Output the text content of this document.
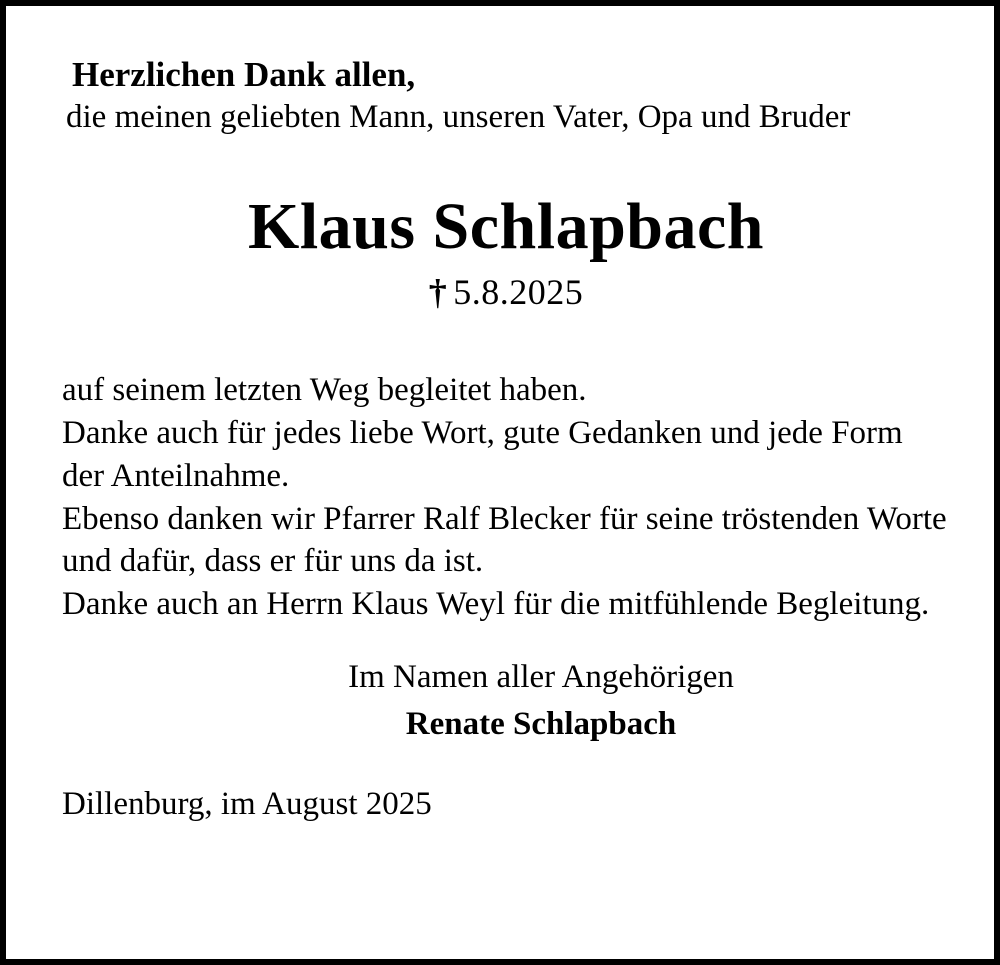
Herzlichen Dank allen,
die meinen geliebten Mann, unseren Vater, Opa und Bruder
Klaus Schlapbach
† 5.8.2025

auf seinem letzten Weg begleitet haben.

Danke auch für jedes liebe Wort, gute Gedanken und jede Form der Anteilnahme.

Ebenso danken wir Pfarrer Ralf Blecker für seine tröstenden Worte und dafür, dass er für uns da ist.

Danke auch an Herrn Klaus Weyl für die mitfühlende Begleitung.

Im Namen aller Angehörigen
Renate Schlapbach
Dillenburg, im August 2025
